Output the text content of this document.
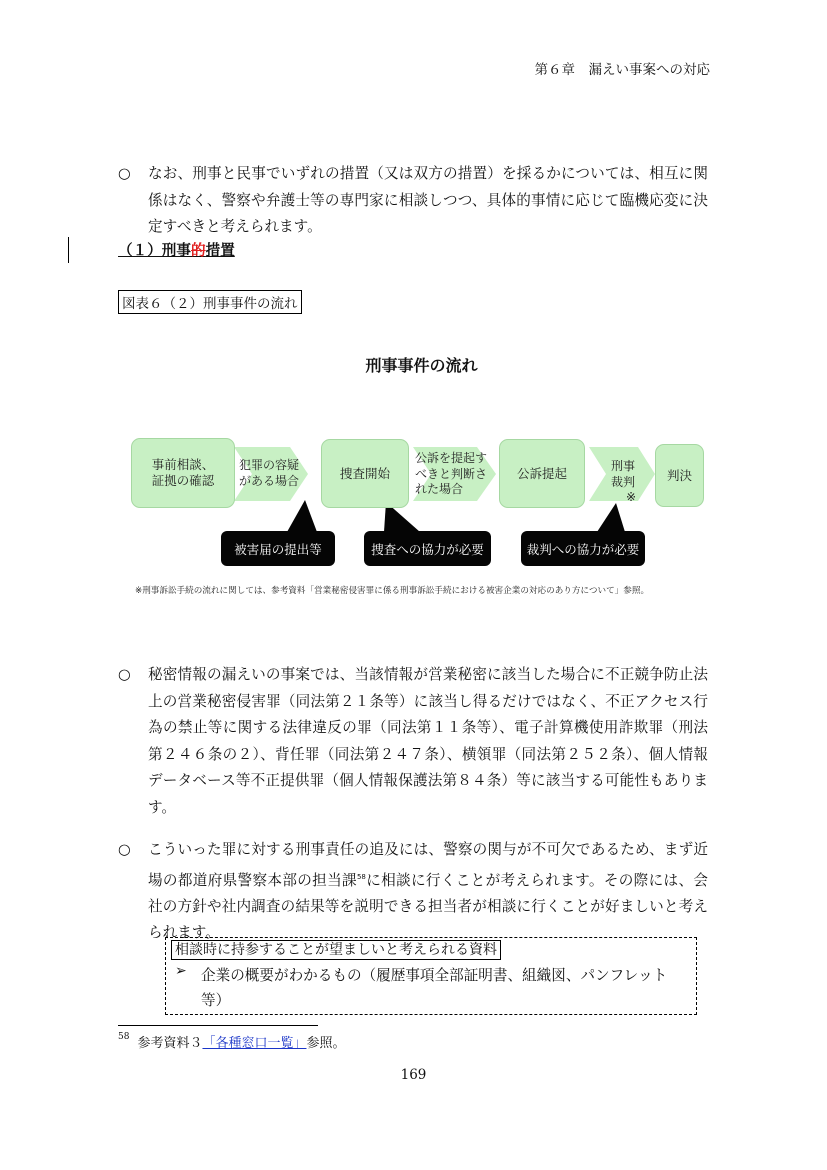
第６章　漏えい事案への対応
○ なお、刑事と民事でいずれの措置（又は双方の措置）を採るかについては、相互に関係はなく、警察や弁護士等の専門家に相談しつつ、具体的事情に応じて臨機応変に決定すべきと考えられます。
（１）刑事的措置
図表６（２）刑事事件の流れ
刑事事件の流れ
事前相談、
証拠の確認	捜査開始	公訴提起	判決
犯罪の容疑
がある場合
公訴を提起す
べきと判断さ
れた場合
刑事
裁判
※
被害届の提出等	捜査への協力が必要	裁判への協力が必要
※刑事訴訟手続の流れに関しては、参考資料「営業秘密侵害罪に係る刑事訴訟手続における被害企業の対応のあり方について」参照。
○ 秘密情報の漏えいの事案では、当該情報が営業秘密に該当した場合に不正競争防止法上の営業秘密侵害罪（同法第２１条等）に該当し得るだけではなく、不正アクセス行為の禁止等に関する法律違反の罪（同法第１１条等）、電子計算機使用詐欺罪（刑法第２４６条の２）、背任罪（同法第２４７条）、横領罪（同法第２５２条）、個人情報データベース等不正提供罪（個人情報保護法第８４条）等に該当する可能性もあります。
○ こういった罪に対する刑事責任の追及には、警察の関与が不可欠であるため、まず近場の都道府県警察本部の担当課$^{58}$に相談に行くことが考えられます。その際には、会社の方針や社内調査の結果等を説明できる担当者が相談に行くことが好ましいと考えられます。
相談時に持参することが望ましいと考えられる資料
➢ 企業の概要がわかるもの（履歴事項全部証明書、組織図、パンフレット等）
$^{58}$ 参考資料３「各種窓口一覧」参照。
169
